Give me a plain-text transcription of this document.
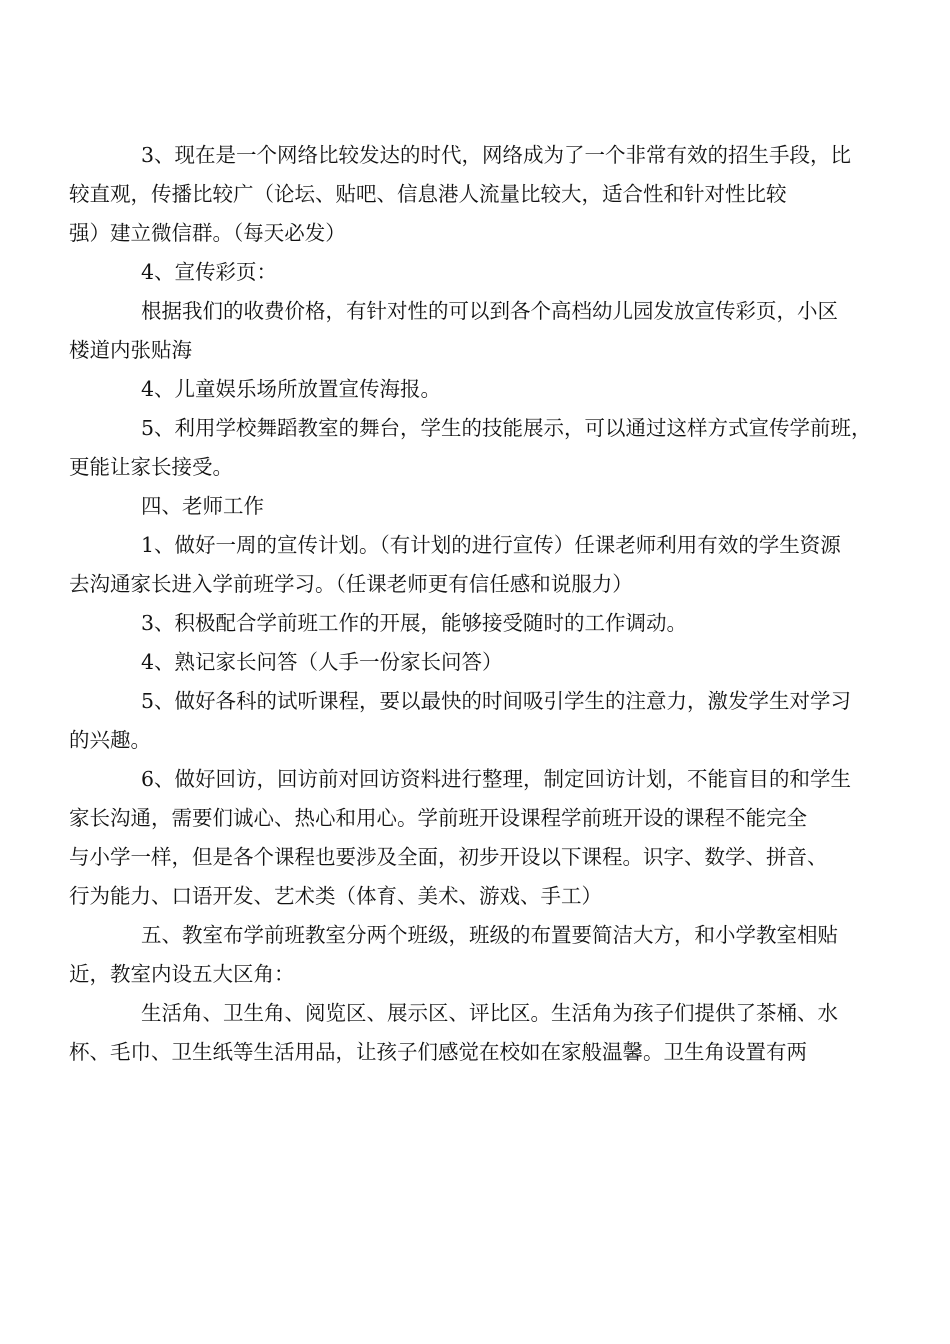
3、现在是一个网络比较发达的时代，网络成为了一个非常有效的招生手段，比
较直观，传播比较广（论坛、贴吧、信息港人流量比较大，适合性和针对性比较
强）建立微信群。（每天必发）

4、宣传彩页：

根据我们的收费价格，有针对性的可以到各个高档幼儿园发放宣传彩页，小区
楼道内张贴海

4、儿童娱乐场所放置宣传海报。

5、利用学校舞蹈教室的舞台，学生的技能展示，可以通过这样方式宣传学前班，
更能让家长接受。

四、老师工作

1、做好一周的宣传计划。（有计划的进行宣传）任课老师利用有效的学生资源
去沟通家长进入学前班学习。（任课老师更有信任感和说服力）

3、积极配合学前班工作的开展，能够接受随时的工作调动。

4、熟记家长问答（人手一份家长问答）

5、做好各科的试听课程，要以最快的时间吸引学生的注意力，激发学生对学习
的兴趣。

6、做好回访，回访前对回访资料进行整理，制定回访计划，不能盲目的和学生
家长沟通，需要们诚心、热心和用心。学前班开设课程学前班开设的课程不能完全
与小学一样，但是各个课程也要涉及全面，初步开设以下课程。识字、数学、拼音、
行为能力、口语开发、艺术类（体育、美术、游戏、手工）

五、教室布学前班教室分两个班级，班级的布置要简洁大方，和小学教室相贴
近，教室内设五大区角：

生活角、卫生角、阅览区、展示区、评比区。生活角为孩子们提供了茶桶、水
杯、毛巾、卫生纸等生活用品，让孩子们感觉在校如在家般温馨。卫生角设置有两
